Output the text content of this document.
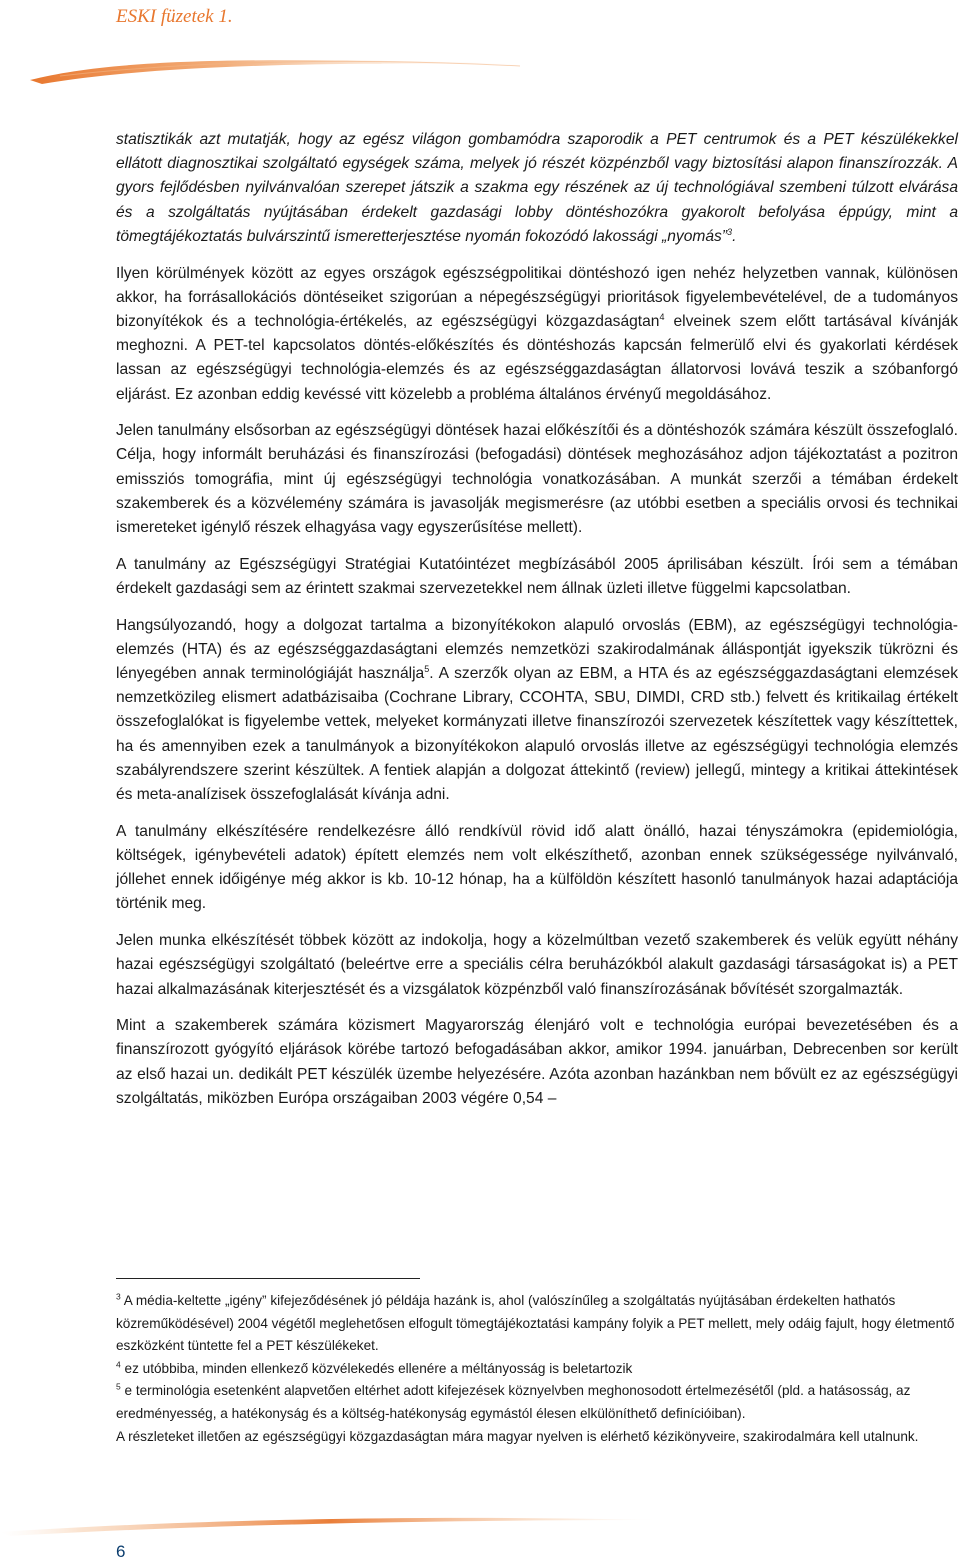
ESKI füzetek 1.

statisztikák azt mutatják, hogy az egész világon gombamódra szaporodik a PET centrumok és a PET készülékekkel ellátott diagnosztikai szolgáltató egységek száma, melyek jó részét közpénzből vagy biztosítási alapon finanszírozzák. A gyors fejlődésben nyilvánvalóan szerepet játszik a szakma egy részének az új technológiával szembeni túlzott elvárása és a szolgáltatás nyújtásában érdekelt gazdasági lobby döntéshozókra gyakorolt befolyása éppúgy, mint a tömegtájékoztatás bulvárszintű ismeretterjesztése nyomán fokozódó lakossági „nyomás”$^3$.

Ilyen körülmények között az egyes országok egészségpolitikai döntéshozó igen nehéz helyzetben vannak, különösen akkor, ha forrásallokációs döntéseiket szigorúan a népegészségügyi prioritások figyelembevételével, de a tudományos bizonyítékok és a technológia-értékelés, az egészségügyi közgazdaságtan$^4$ elveinek szem előtt tartásával kívánják meghozni. A PET-tel kapcsolatos döntés-előkészítés és döntéshozás kapcsán felmerülő elvi és gyakorlati kérdések lassan az egészségügyi technológia-elemzés és az egészséggazdaságtan állatorvosi lovává teszik a szóbanforgó eljárást. Ez azonban eddig kevéssé vitt közelebb a probléma általános érvényű megoldásához.

Jelen tanulmány elsősorban az egészségügyi döntések hazai előkészítői és a döntéshozók számára készült összefoglaló. Célja, hogy informált beruházási és finanszírozási (befogadási) döntések meghozásához adjon tájékoztatást a pozitron emissziós tomográfia, mint új egészségügyi technológia vonatkozásában. A munkát szerzői a témában érdekelt szakemberek és a közvélemény számára is javasolják megismerésre (az utóbbi esetben a speciális orvosi és technikai ismereteket igénylő részek elhagyása vagy egyszerűsítése mellett).

A tanulmány az Egészségügyi Stratégiai Kutatóintézet megbízásából 2005 áprilisában készült. Írói sem a témában érdekelt gazdasági sem az érintett szakmai szervezetekkel nem állnak üzleti illetve függelmi kapcsolatban.

Hangsúlyozandó, hogy a dolgozat tartalma a bizonyítékokon alapuló orvoslás (EBM), az egészségügyi technológia-elemzés (HTA) és az egészséggazdaságtani elemzés nemzetközi szakirodalmának álláspontját igyekszik tükrözni és lényegében annak terminológiáját használja$^5$. A szerzők olyan az EBM, a HTA és az egészséggazdaságtani elemzések nemzetközileg elismert adatbázisaiba (Cochrane Library, CCOHTA, SBU, DIMDI, CRD stb.) felvett és kritikailag értékelt összefoglalókat is figyelembe vettek, melyeket kormányzati illetve finanszírozói szervezetek készítettek vagy készíttettek, ha és amennyiben ezek a tanulmányok a bizonyítékokon alapuló orvoslás illetve az egészségügyi technológia elemzés szabályrendszere szerint készültek. A fentiek alapján a dolgozat áttekintő (review) jellegű, mintegy a kritikai áttekintések és meta-analízisek összefoglalását kívánja adni.

A tanulmány elkészítésére rendelkezésre álló rendkívül rövid idő alatt önálló, hazai tényszámokra (epidemiológia, költségek, igénybevételi adatok) épített elemzés nem volt elkészíthető, azonban ennek szükségessége nyilvánvaló, jóllehet ennek időigénye még akkor is kb. 10-12 hónap, ha a külföldön készített hasonló tanulmányok hazai adaptációja történik meg.

Jelen munka elkészítését többek között az indokolja, hogy a közelmúltban vezető szakemberek és velük együtt néhány hazai egészségügyi szolgáltató (beleértve erre a speciális célra beruházókból alakult gazdasági társaságokat is) a PET hazai alkalmazásának kiterjesztését és a vizsgálatok közpénzből való finanszírozásának bővítését szorgalmazták.

Mint a szakemberek számára közismert Magyarország élenjáró volt e technológia európai bevezetésében és a finanszírozott gyógyító eljárások körébe tartozó befogadásában akkor, amikor 1994. januárban, Debrecenben sor került az első hazai un. dedikált PET készülék üzembe helyezésére. Azóta azonban hazánkban nem bővült ez az egészségügyi szolgáltatás, miközben Európa országaiban 2003 végére 0,54 –

$^3$ A média-keltette „igény” kifejeződésének jó példája hazánk is, ahol (valószínűleg a szolgáltatás nyújtásában érdekelten hathatós közreműködésével) 2004 végétől meglehetősen elfogult tömegtájékoztatási kampány folyik a PET mellett, mely odáig fajult, hogy életmentő eszközként tüntette fel a PET készülékeket.
$^4$ ez utóbbiba, minden ellenkező közvélekedés ellenére a méltányosság is beletartozik
$^5$ e terminológia esetenként alapvetően eltérhet adott kifejezések köznyelvben meghonosodott értelmezésétől (pld. a hatásosság, az eredményesség, a hatékonyság és a költség-hatékonyság egymástól élesen elkülöníthető definícióiban).
A részleteket illetően az egészségügyi közgazdaságtan mára magyar nyelven is elérhető kézikönyveire, szakirodalmára kell utalnunk.
6
